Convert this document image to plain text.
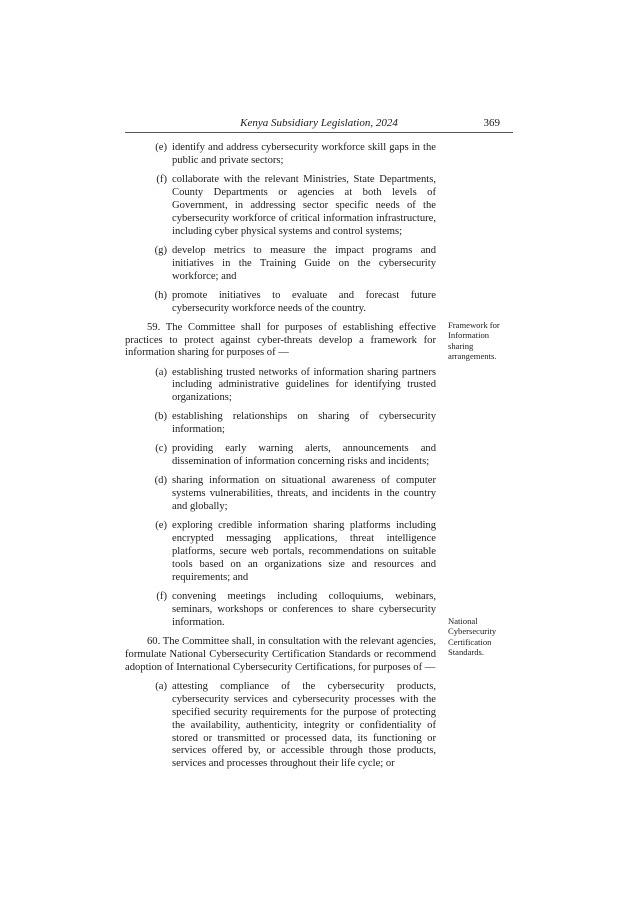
Kenya Subsidiary Legislation, 2024	369
(e) identify and address cybersecurity workforce skill gaps in the public and private sectors;
(f) collaborate with the relevant Ministries, State Departments, County Departments or agencies at both levels of Government, in addressing sector specific needs of the cybersecurity workforce of critical information infrastructure, including cyber physical systems and control systems;
(g) develop metrics to measure the impact programs and initiatives in the Training Guide on the cybersecurity workforce; and
(h) promote initiatives to evaluate and forecast future cybersecurity workforce needs of the country.
59. The Committee shall for purposes of establishing effective practices to protect against cyber-threats develop a framework for information sharing for purposes of —
(a) establishing trusted networks of information sharing partners including administrative guidelines for identifying trusted organizations;
(b) establishing relationships on sharing of cybersecurity information;
(c) providing early warning alerts, announcements and dissemination of information concerning risks and incidents;
(d) sharing information on situational awareness of computer systems vulnerabilities, threats, and incidents in the country and globally;
(e) exploring credible information sharing platforms including encrypted messaging applications, threat intelligence platforms, secure web portals, recommendations on suitable tools based on an organizations size and resources and requirements; and
(f) convening meetings including colloquiums, webinars, seminars, workshops or conferences to share cybersecurity information.
60. The Committee shall, in consultation with the relevant agencies, formulate National Cybersecurity Certification Standards or recommend adoption of International Cybersecurity Certifications, for purposes of —
(a) attesting compliance of the cybersecurity products, cybersecurity services and cybersecurity processes with the specified security requirements for the purpose of protecting the availability, authenticity, integrity or confidentiality of stored or transmitted or processed data, its functioning or services offered by, or accessible through those products, services and processes throughout their life cycle; or
Framework for
Information
sharing
arrangements.
National
Cybersecurity
Certification
Standards.
